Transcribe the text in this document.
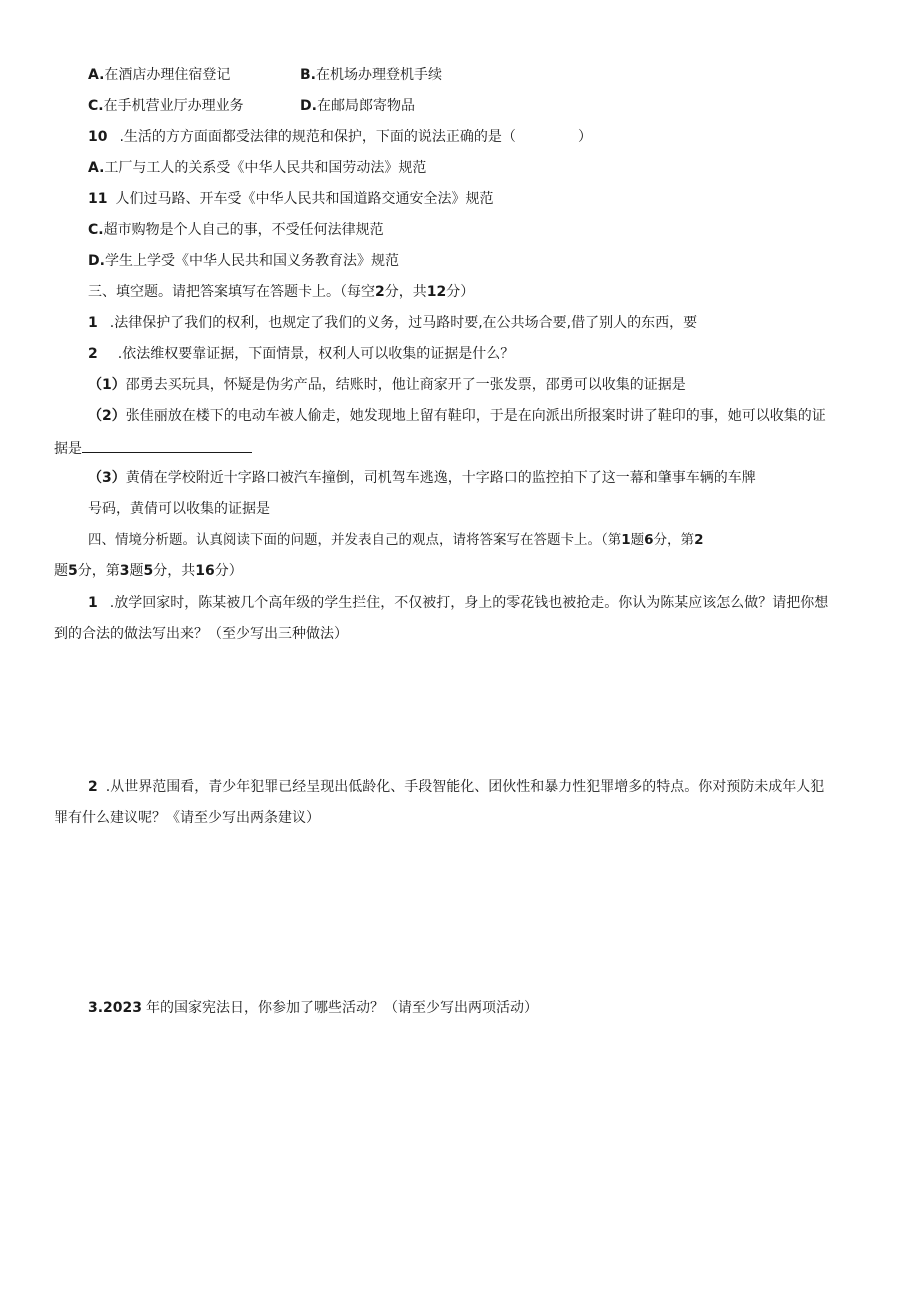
A.在酒店办理住宿登记	B.在机场办理登机手续
C.在手机营业厅办理业务	D.在邮局郎寄物品
10 .生活的方方面面都受法律的规范和保护，下面的说法正确的是（	）
A.工厂与工人的关系受《中华人民共和国劳动法》规范
11 人们过马路、开车受《中华人民共和国道路交通安全法》规范
C.超市购物是个人自己的事，不受任何法律规范
D.学生上学受《中华人民共和国义务教育法》规范
三、填空题。请把答案填写在答题卡上。（每空2分，共12分）
1 .法律保护了我们的权利，也规定了我们的义务，过马路时要,在公共场合要,借了别人的东西，要
2 .依法维权要靠证据，下面情景，权利人可以收集的证据是什么？
（1）邵勇去买玩具，怀疑是伪劣产品，结账时，他让商家开了一张发票，邵勇可以收集的证据是
（2）张佳丽放在楼下的电动车被人偷走，她发现地上留有鞋印，于是在向派出所报案时讲了鞋印的事，她可以收集的证
据是
（3）黄倩在学校附近十字路口被汽车撞倒，司机驾车逃逸，十字路口的监控拍下了这一幕和肇事车辆的车牌
号码，黄倩可以收集的证据是
四、情境分析题。认真阅读下面的问题，并发表自己的观点，请将答案写在答题卡上。（第1题6分，第2
题5分，第3题5分，共16分）
1 .放学回家时，陈某被几个高年级的学生拦住，不仅被打，身上的零花钱也被抢走。你认为陈某应该怎么做？请把你想
到的合法的做法写出来？（至少写出三种做法）
2 .从世界范围看，青少年犯罪已经呈现出低龄化、手段智能化、团伙性和暴力性犯罪增多的特点。你对预防未成年人犯
罪有什么建议呢？《请至少写出两条建议）
3.2023 年的国家宪法日，你参加了哪些活动？（请至少写出两项活动）
